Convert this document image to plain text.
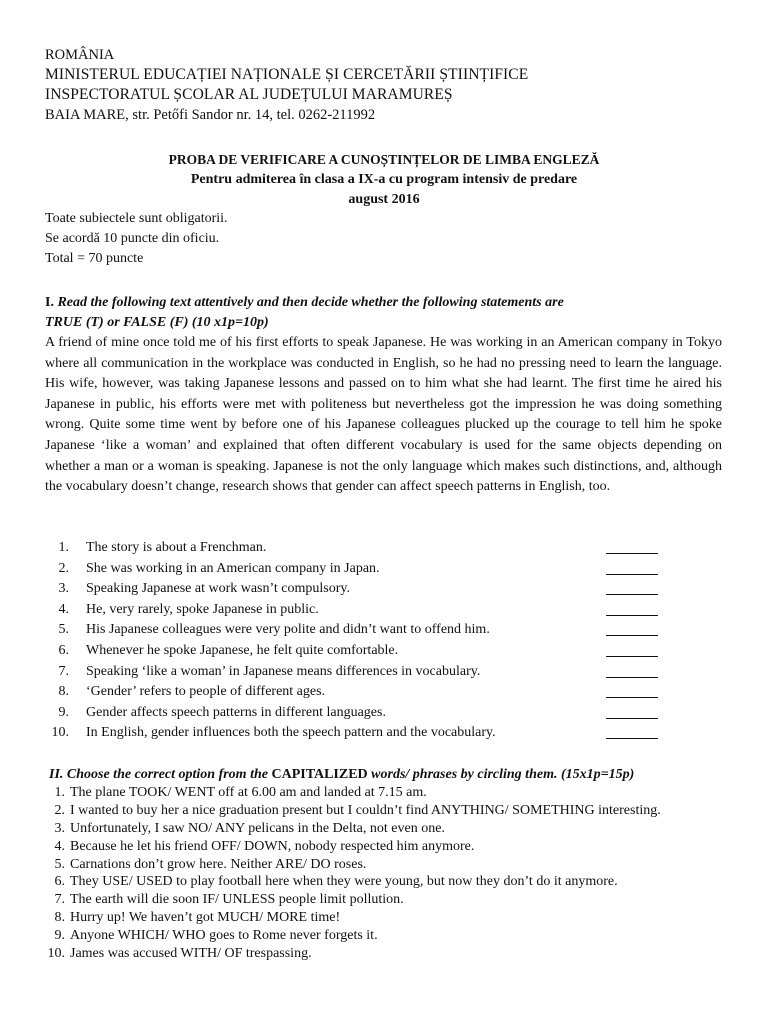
ROMÂNIA
MINISTERUL EDUCAȚIEI NAȚIONALE ȘI CERCETĂRII ȘTIINȚIFICE
INSPECTORATUL ȘCOLAR AL JUDEȚULUI MARAMUREȘ
BAIA MARE, str. Petőfi Sandor nr. 14, tel. 0262-211992
PROBA DE VERIFICARE A CUNOȘTINȚELOR DE LIMBA ENGLEZĂ
Pentru admiterea în clasa a IX-a cu program intensiv de predare
august 2016
Toate subiectele sunt obligatorii.
Se acordă 10 puncte din oficiu.
Total = 70 puncte
I. Read the following text attentively and then decide whether the following statements are
TRUE (T) or FALSE (F) (10 x1p=10p)
A friend of mine once told me of his first efforts to speak Japanese. He was working in an American company in Tokyo where all communication in the workplace was conducted in English, so he had no pressing need to learn the language. His wife, however, was taking Japanese lessons and passed on to him what she had learnt. The first time he aired his Japanese in public, his efforts were met with politeness but nevertheless got the impression he was doing something wrong. Quite some time went by before one of his Japanese colleagues plucked up the courage to tell him he spoke Japanese ‘like a woman’ and explained that often different vocabulary is used for the same objects depending on whether a man or a woman is speaking. Japanese is not the only language which makes such distinctions, and, although the vocabulary doesn’t change, research shows that gender can affect speech patterns in English, too.
1. The story is about a Frenchman.
2. She was working in an American company in Japan.
3. Speaking Japanese at work wasn’t compulsory.
4. He, very rarely, spoke Japanese in public.
5. His Japanese colleagues were very polite and didn’t want to offend him.
6. Whenever he spoke Japanese, he felt quite comfortable.
7. Speaking ‘like a woman’ in Japanese means differences in vocabulary.
8. ‘Gender’ refers to people of different ages.
9. Gender affects speech patterns in different languages.
10. In English, gender influences both the speech pattern and the vocabulary.
II. Choose the correct option from the CAPITALIZED words/ phrases by circling them. (15x1p=15p)
1. The plane TOOK/ WENT off at 6.00 am and landed at 7.15 am.
2. I wanted to buy her a nice graduation present but I couldn’t find ANYTHING/ SOMETHING interesting.
3. Unfortunately, I saw NO/ ANY pelicans in the Delta, not even one.
4. Because he let his friend OFF/ DOWN, nobody respected him anymore.
5. Carnations don’t grow here. Neither ARE/ DO roses.
6. They USE/ USED to play football here when they were young, but now they don’t do it anymore.
7. The earth will die soon IF/ UNLESS people limit pollution.
8. Hurry up! We haven’t got MUCH/ MORE time!
9. Anyone WHICH/ WHO goes to Rome never forgets it.
10. James was accused WITH/ OF trespassing.
